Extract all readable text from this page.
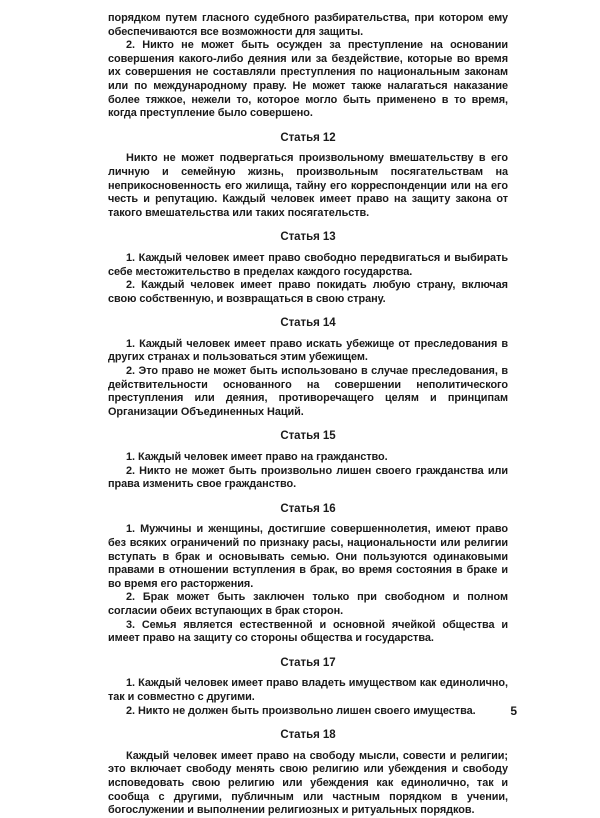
порядком путем гласного судебного разбирательства, при котором ему обеспечиваются все возможности для защиты.

2. Никто не может быть осужден за преступление на основании совершения какого-либо деяния или за бездействие, которые во время их совершения не составляли преступления по национальным законам или по международному праву. Не может также налагаться наказание более тяжкое, нежели то, которое могло быть применено в то время, когда преступление было совершено.

Статья 12

Никто не может подвергаться произвольному вмешательству в его личную и семейную жизнь, произвольным посягательствам на неприкосновенность его жилища, тайну его корреспонденции или на его честь и репутацию. Каждый человек имеет право на защиту закона от такого вмешательства или таких посягательств.

Статья 13

1. Каждый человек имеет право свободно передвигаться и выбирать себе местожительство в пределах каждого государства.

2. Каждый человек имеет право покидать любую страну, включая свою собственную, и возвращаться в свою страну.

Статья 14

1. Каждый человек имеет право искать убежище от преследования в других странах и пользоваться этим убежищем.

2. Это право не может быть использовано в случае преследования, в действительности основанного на совершении неполитического преступления или деяния, противоречащего целям и принципам Организации Объединенных Наций.

Статья 15

1. Каждый человек имеет право на гражданство.

2. Никто не может быть произвольно лишен своего гражданства или права изменить свое гражданство.

Статья 16

1. Мужчины и женщины, достигшие совершеннолетия, имеют право без всяких ограничений по признаку расы, национальности или религии вступать в брак и основывать семью. Они пользуются одинаковыми правами в отношении вступления в брак, во время состояния в браке и во время его расторжения.

2. Брак может быть заключен только при свободном и полном согласии обеих вступающих в брак сторон.

3. Семья является естественной и основной ячейкой общества и имеет право на защиту со стороны общества и государства.

Статья 17

1. Каждый человек имеет право владеть имуществом как единолично, так и совместно с другими.

2. Никто не должен быть произвольно лишен своего имущества.

Статья 18

Каждый человек имеет право на свободу мысли, совести и религии; это включает свободу менять свою религию или убеждения и свободу исповедовать свою религию или убеждения как единолично, так и сообща с другими, публичным или частным порядком в учении, богослужении и выполнении религиозных и ритуальных порядков.

5
